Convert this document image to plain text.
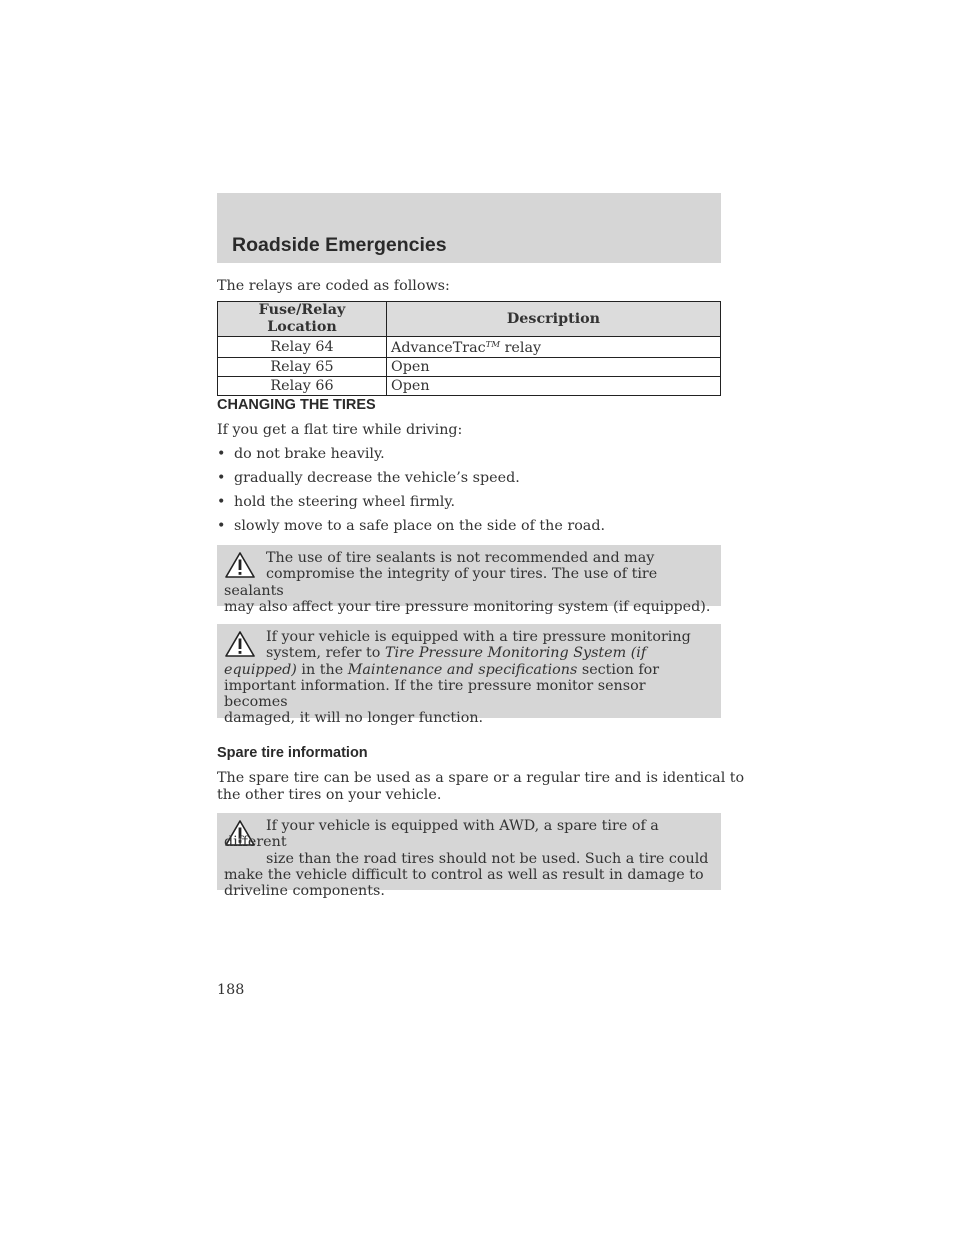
Roadside Emergencies
The relays are coded as follows:
Fuse/Relay Location	Description
Relay 64	AdvanceTrac™ relay
Relay 65	Open
Relay 66	Open
CHANGING THE TIRES
If you get a flat tire while driving:
• do not brake heavily.
• gradually decrease the vehicle’s speed.
• hold the steering wheel firmly.
• slowly move to a safe place on the side of the road.
The use of tire sealants is not recommended and may
compromise the integrity of your tires. The use of tire sealants
may also affect your tire pressure monitoring system (if equipped).
If your vehicle is equipped with a tire pressure monitoring
system, refer to Tire Pressure Monitoring System (if
equipped) in the Maintenance and specifications section for
important information. If the tire pressure monitor sensor becomes
damaged, it will no longer function.
Spare tire information
The spare tire can be used as a spare or a regular tire and is identical to
the other tires on your vehicle.
If your vehicle is equipped with AWD, a spare tire of a different
size than the road tires should not be used. Such a tire could
make the vehicle difficult to control as well as result in damage to
driveline components.
188
